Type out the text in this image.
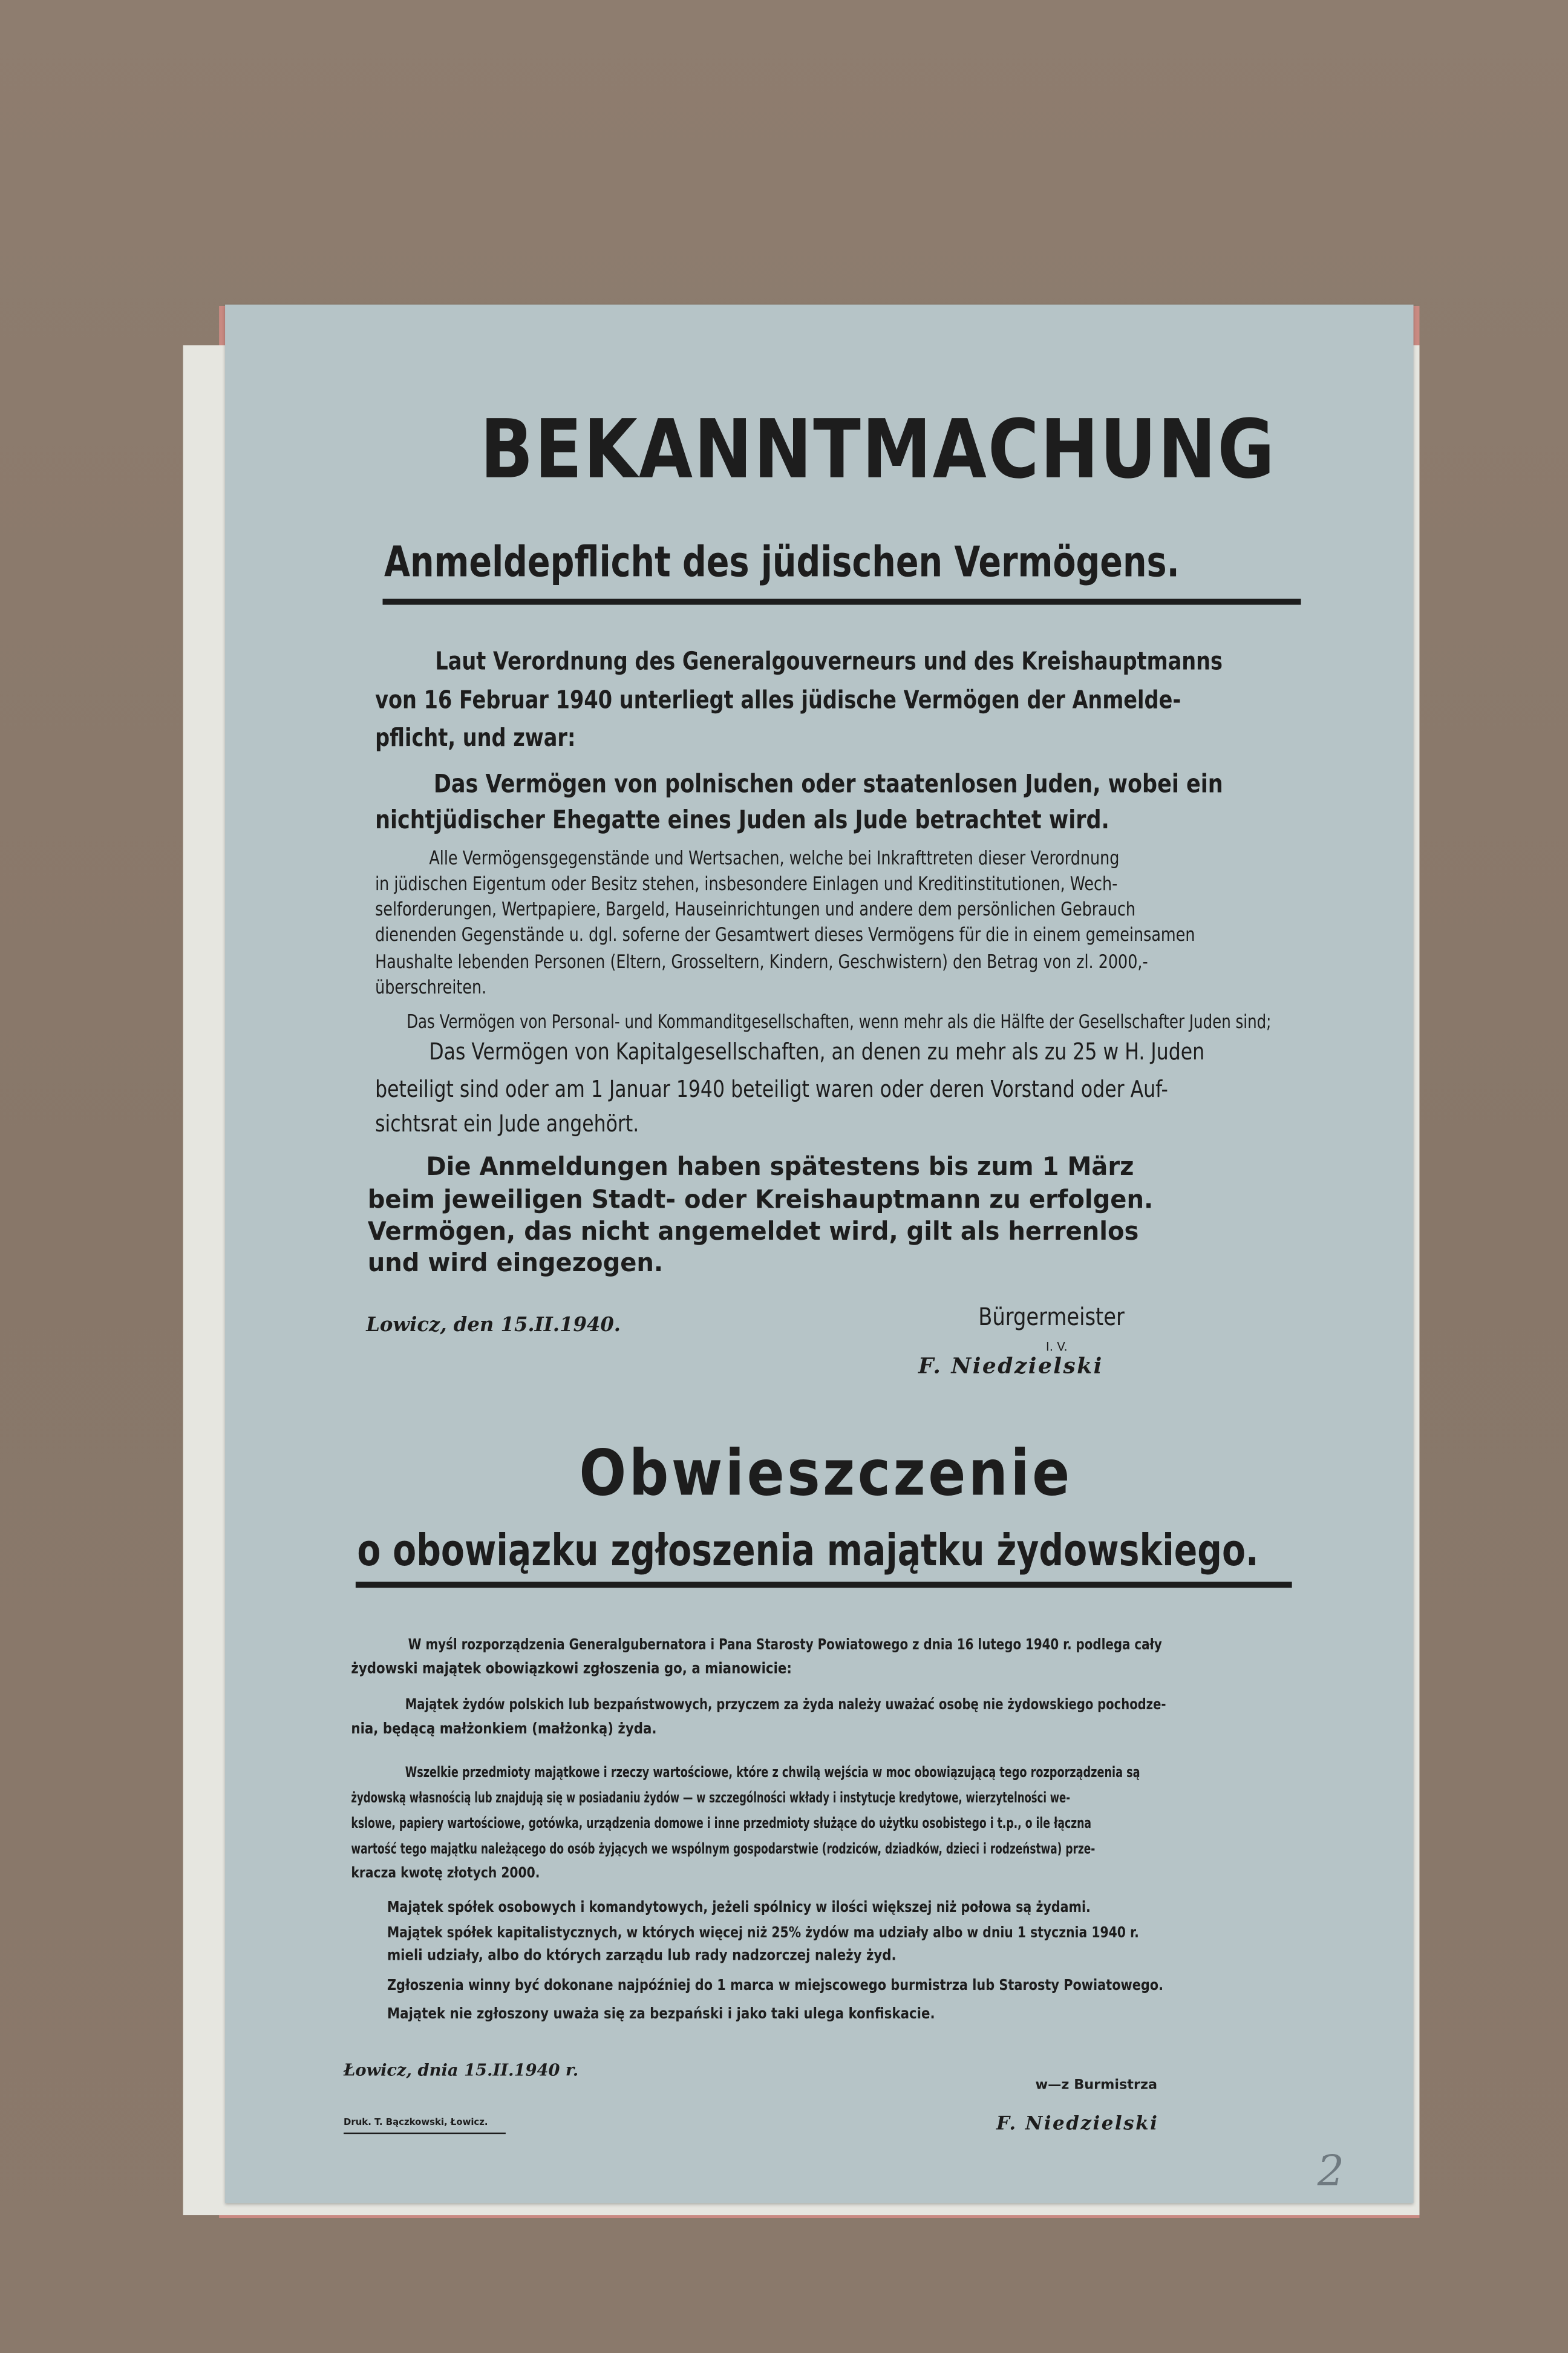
BEKANNTMACHUNG
Anmeldepflicht des jüdischen Vermögens.
Laut Verordnung des Generalgouverneurs und des Kreishauptmanns
von 16 Februar 1940 unterliegt alles jüdische Vermögen der Anmelde-
pflicht, und zwar:
Das Vermögen von polnischen oder staatenlosen Juden, wobei ein
nichtjüdischer Ehegatte eines Juden als Jude betrachtet wird.
Alle Vermögensgegenstände und Wertsachen, welche bei Inkrafttreten dieser Verordnung
in jüdischen Eigentum oder Besitz stehen, insbesondere Einlagen und Kreditinstitutionen, Wech-
selforderungen, Wertpapiere, Bargeld, Hauseinrichtungen und andere dem persönlichen Gebrauch
dienenden Gegenstände u. dgl. soferne der Gesamtwert dieses Vermögens für die in einem gemeinsamen
Haushalte lebenden Personen (Eltern, Grosseltern, Kindern, Geschwistern) den Betrag von zl. 2000,-
überschreiten.
Das Vermögen von Personal- und Kommanditgesellschaften, wenn mehr als die Hälfte der Gesellschafter Juden sind;
Das Vermögen von Kapitalgesellschaften, an denen zu mehr als zu 25 w H. Juden
beteiligt sind oder am 1 Januar 1940 beteiligt waren oder deren Vorstand oder Auf-
sichtsrat ein Jude angehört.
Die Anmeldungen haben spätestens bis zum 1 März
beim jeweiligen Stadt- oder Kreishauptmann zu erfolgen.
Vermögen, das nicht angemeldet wird, gilt als herrenlos
und wird eingezogen.
Lowicz, den 15.II.1940.	Bürgermeister
I. V.
F. Niedzielski
Obwieszczenie
o obowiązku zgłoszenia majątku żydowskiego.
W myśl rozporządzenia Generalgubernatora i Pana Starosty Powiatowego z dnia 16 lutego 1940 r. podlega cały
żydowski majątek obowiązkowi zgłoszenia go, a mianowicie:
Majątek żydów polskich lub bezpaństwowych, przyczem za żyda należy uważać osobę nie żydowskiego pochodze-
nia, będącą małżonkiem (małżonką) żyda.
Wszelkie przedmioty majątkowe i rzeczy wartościowe, które z chwilą wejścia w moc obowiązującą tego rozporządzenia są
żydowską własnością lub znajdują się w posiadaniu żydów — w szczególności wkłady i instytucje kredytowe, wierzytelności we-
kslowe, papiery wartościowe, gotówka, urządzenia domowe i inne przedmioty służące do użytku osobistego i t.p., o ile łączna
wartość tego majątku należącego do osób żyjących we wspólnym gospodarstwie (rodziców, dziadków, dzieci i rodzeństwa) prze-
kracza kwotę złotych 2000.
Majątek spółek osobowych i komandytowych, jeżeli spólnicy w ilości większej niż połowa są żydami.
Majątek spółek kapitalistycznych, w których więcej niż 25% żydów ma udziały albo w dniu 1 stycznia 1940 r.
mieli udziały, albo do których zarządu lub rady nadzorczej należy żyd.
Zgłoszenia winny być dokonane najpóźniej do 1 marca w miejscowego burmistrza lub Starosty Powiatowego.
Majątek nie zgłoszony uważa się za bezpański i jako taki ulega konfiskacie.
Łowicz, dnia 15.II.1940 r.
w—z Burmistrza
F. Niedzielski
Druk. T. Bączkowski, Łowicz.
2
